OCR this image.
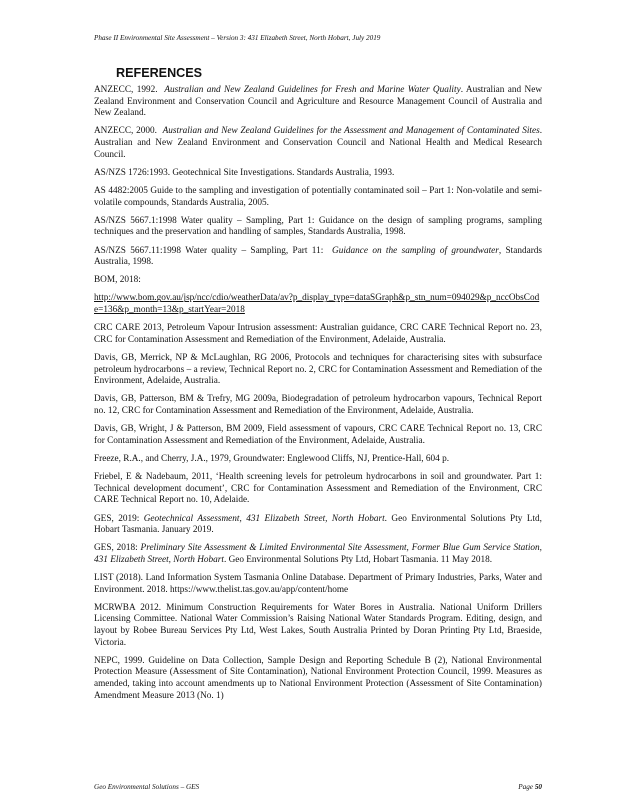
Phase II Environmental Site Assessment – Version 3: 431 Elizabeth Street, North Hobart, July 2019
REFERENCES

ANZECC, 1992. Australian and New Zealand Guidelines for Fresh and Marine Water Quality. Australian and New Zealand Environment and Conservation Council and Agriculture and Resource Management Council of Australia and New Zealand.

ANZECC, 2000. Australian and New Zealand Guidelines for the Assessment and Management of Contaminated Sites. Australian and New Zealand Environment and Conservation Council and National Health and Medical Research Council.

AS/NZS 1726:1993. Geotechnical Site Investigations. Standards Australia, 1993.

AS 4482:2005 Guide to the sampling and investigation of potentially contaminated soil – Part 1: Non-volatile and semi-volatile compounds, Standards Australia, 2005.

AS/NZS 5667.1:1998 Water quality – Sampling, Part 1: Guidance on the design of sampling programs, sampling techniques and the preservation and handling of samples, Standards Australia, 1998.

AS/NZS 5667.11:1998 Water quality – Sampling, Part 11: Guidance on the sampling of groundwater, Standards Australia, 1998.

BOM, 2018:

http://www.bom.gov.au/jsp/ncc/cdio/weatherData/av?p_display_type=dataSGraph&p_stn_num=094029&p_nccObsCode=136&p_month=13&p_startYear=2018

CRC CARE 2013, Petroleum Vapour Intrusion assessment: Australian guidance, CRC CARE Technical Report no. 23, CRC for Contamination Assessment and Remediation of the Environment, Adelaide, Australia.

Davis, GB, Merrick, NP & McLaughlan, RG 2006, Protocols and techniques for characterising sites with subsurface petroleum hydrocarbons – a review, Technical Report no. 2, CRC for Contamination Assessment and Remediation of the Environment, Adelaide, Australia.

Davis, GB, Patterson, BM & Trefry, MG 2009a, Biodegradation of petroleum hydrocarbon vapours, Technical Report no. 12, CRC for Contamination Assessment and Remediation of the Environment, Adelaide, Australia.

Davis, GB, Wright, J & Patterson, BM 2009, Field assessment of vapours, CRC CARE Technical Report no. 13, CRC for Contamination Assessment and Remediation of the Environment, Adelaide, Australia.

Freeze, R.A., and Cherry, J.A., 1979, Groundwater: Englewood Cliffs, NJ, Prentice-Hall, 604 p.

Friebel, E & Nadebaum, 2011, ‘Health screening levels for petroleum hydrocarbons in soil and groundwater. Part 1: Technical development document’, CRC for Contamination Assessment and Remediation of the Environment, CRC CARE Technical Report no. 10, Adelaide.

GES, 2019: Geotechnical Assessment, 431 Elizabeth Street, North Hobart. Geo Environmental Solutions Pty Ltd, Hobart Tasmania. January 2019.

GES, 2018: Preliminary Site Assessment & Limited Environmental Site Assessment, Former Blue Gum Service Station, 431 Elizabeth Street, North Hobart. Geo Environmental Solutions Pty Ltd, Hobart Tasmania. 11 May 2018.

LIST (2018). Land Information System Tasmania Online Database. Department of Primary Industries, Parks, Water and Environment. 2018. https://www.thelist.tas.gov.au/app/content/home

MCRWBA 2012. Minimum Construction Requirements for Water Bores in Australia. National Uniform Drillers Licensing Committee. National Water Commission’s Raising National Water Standards Program. Editing, design, and layout by Robee Bureau Services Pty Ltd, West Lakes, South Australia Printed by Doran Printing Pty Ltd, Braeside, Victoria.

NEPC, 1999. Guideline on Data Collection, Sample Design and Reporting Schedule B (2), National Environmental Protection Measure (Assessment of Site Contamination), National Environment Protection Council, 1999. Measures as amended, taking into account amendments up to National Environment Protection (Assessment of Site Contamination) Amendment Measure 2013 (No. 1)

Geo Environmental Solutions – GES	Page 50
